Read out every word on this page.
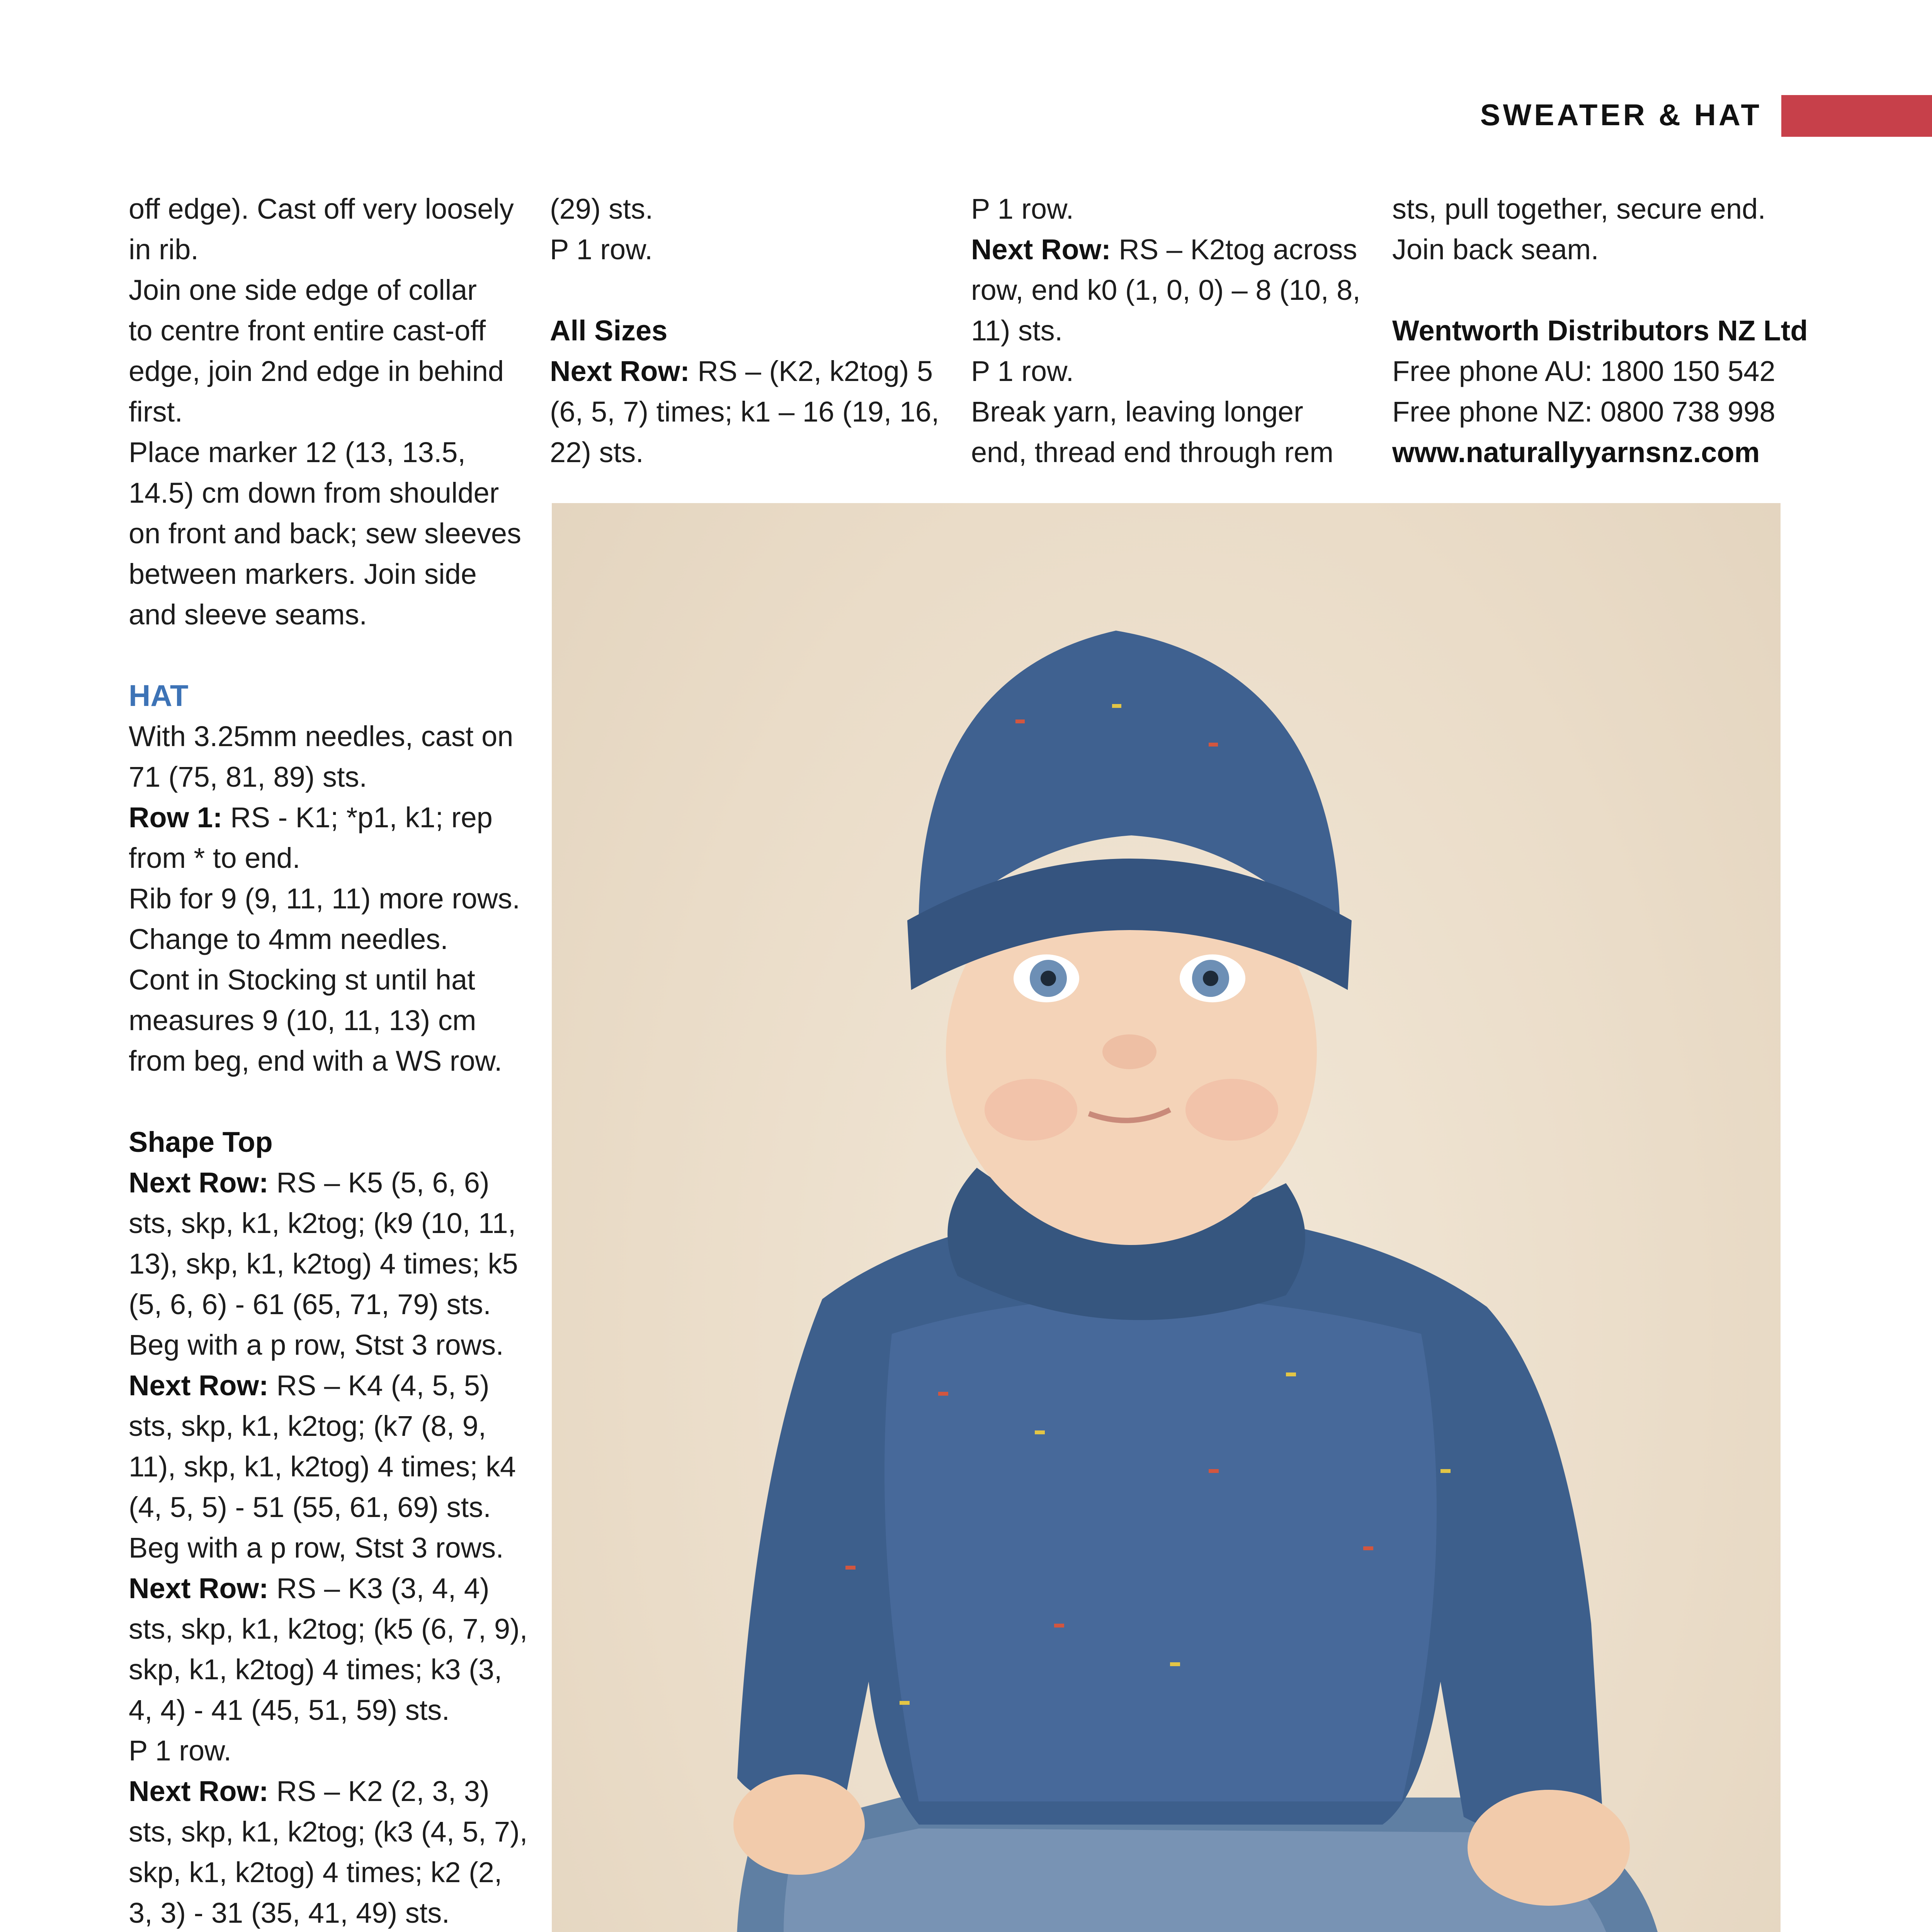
SWEATER & HAT
off edge). Cast off very loosely
in rib.
Join one side edge of collar
to centre front entire cast-off
edge, join 2nd edge in behind
first.
Place marker 12 (13, 13.5,
14.5) cm down from shoulder
on front and back; sew sleeves
between markers. Join side
and sleeve seams.
HAT
With 3.25mm needles, cast on
71 (75, 81, 89) sts.
Row 1: RS - K1; *p1, k1; rep
from * to end.
Rib for 9 (9, 11, 11) more rows.
Change to 4mm needles.
Cont in Stocking st until hat
measures 9 (10, 11, 13) cm
from beg, end with a WS row.
Shape Top
Next Row: RS – K5 (5, 6, 6)
sts, skp, k1, k2tog; (k9 (10, 11,
13), skp, k1, k2tog) 4 times; k5
(5, 6, 6) - 61 (65, 71, 79) sts.
Beg with a p row, Stst 3 rows.
Next Row: RS – K4 (4, 5, 5)
sts, skp, k1, k2tog; (k7 (8, 9,
11), skp, k1, k2tog) 4 times; k4
(4, 5, 5) - 51 (55, 61, 69) sts.
Beg with a p row, Stst 3 rows.
Next Row: RS – K3 (3, 4, 4)
sts, skp, k1, k2tog; (k5 (6, 7, 9),
skp, k1, k2tog) 4 times; k3 (3,
4, 4) - 41 (45, 51, 59) sts.
P 1 row.
Next Row: RS – K2 (2, 3, 3)
sts, skp, k1, k2tog; (k3 (4, 5, 7),
skp, k1, k2tog) 4 times; k2 (2,
3, 3) - 31 (35, 41, 49) sts.
(29) sts.
P 1 row.
All Sizes
Next Row: RS – (K2, k2tog) 5
(6, 5, 7) times; k1 – 16 (19, 16,
22) sts.
P 1 row.
Next Row: RS – K2tog across
row, end k0 (1, 0, 0) – 8 (10, 8,
11) sts.
P 1 row.
Break yarn, leaving longer
end, thread end through rem
sts, pull together, secure end.
Join back seam.
Wentworth Distributors NZ Ltd
Free phone AU: 1800 150 542
Free phone NZ: 0800 738 998
www.naturallyyarnsnz.com
